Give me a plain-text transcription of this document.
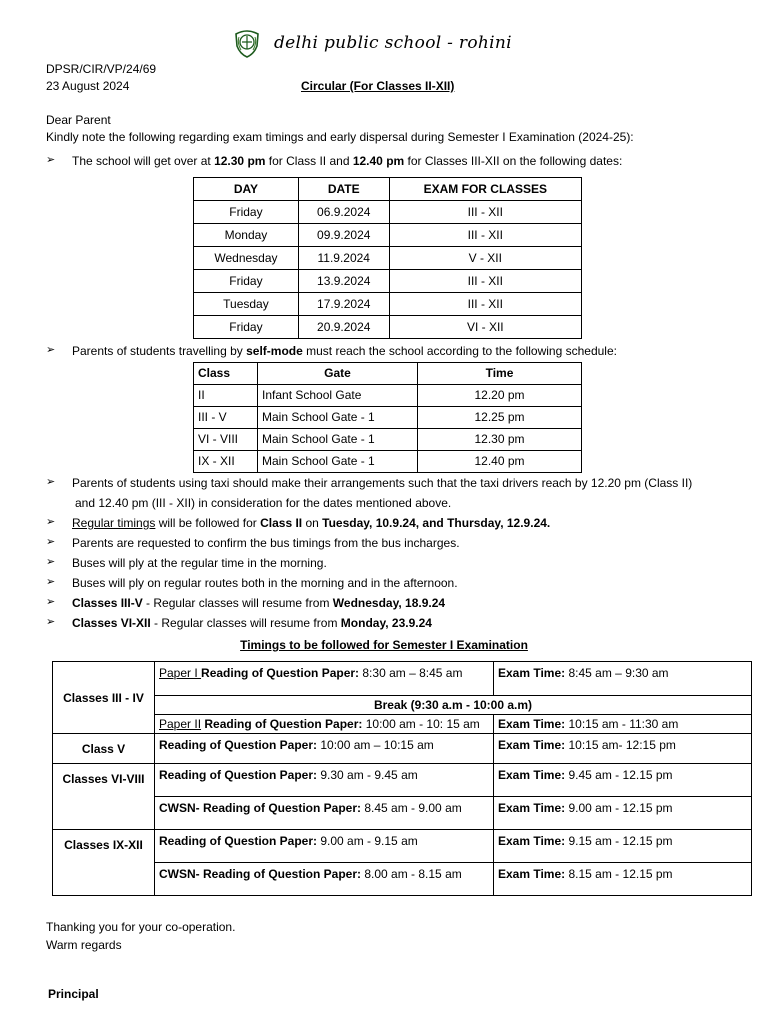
delhi public school - rohini
DPSR/CIR/VP/24/69
23 August 2024	Circular (For Classes II-XII)
Dear Parent
Kindly note the following regarding exam timings and early dispersal during Semester I Examination (2024-25):
➢	The school will get over at 12.30 pm for Class II and 12.40 pm for Classes III-XII on the following dates:
DAY	DATE	EXAM FOR CLASSES
Friday	06.9.2024	III - XII
Monday	09.9.2024	III - XII
Wednesday	11.9.2024	V - XII
Friday	13.9.2024	III - XII
Tuesday	17.9.2024	III - XII
Friday	20.9.2024	VI - XII
➢	Parents of students travelling by self-mode must reach the school according to the following schedule:
Class	Gate	Time
II	Infant School Gate	12.20 pm
III - V	Main School Gate - 1	12.25 pm
VI - VIII	Main School Gate - 1	12.30 pm
IX - XII	Main School Gate - 1	12.40 pm
➢	Parents of students using taxi should make their arrangements such that the taxi drivers reach by 12.20 pm (Class II)
and 12.40 pm (III - XII) in consideration for the dates mentioned above.
➢	Regular timings will be followed for Class II on Tuesday, 10.9.24, and Thursday, 12.9.24.
➢	Parents are requested to confirm the bus timings from the bus incharges.
➢	Buses will ply at the regular time in the morning.
➢	Buses will ply on regular routes both in the morning and in the afternoon.
➢	Classes III-V - Regular classes will resume from Wednesday, 18.9.24
➢	Classes VI-XII - Regular classes will resume from Monday, 23.9.24
Timings to be followed for Semester I Examination
Classes III - IV	Paper I Reading of Question Paper: 8:30 am – 8:45 am	Exam Time: 8:45 am – 9:30 am
	Break (9:30 a.m - 10:00 a.m)	
	Paper II Reading of Question Paper: 10:00 am - 10: 15 am	Exam Time: 10:15 am - 11:30 am
Class V	Reading of Question Paper: 10:00 am – 10:15 am	Exam Time: 10:15 am- 12:15 pm
Classes VI-VIII	Reading of Question Paper: 9.30 am - 9.45 am	Exam Time: 9.45 am - 12.15 pm
	CWSN- Reading of Question Paper: 8.45 am - 9.00 am	Exam Time: 9.00 am - 12.15 pm
Classes IX-XII	Reading of Question Paper: 9.00 am - 9.15 am	Exam Time: 9.15 am - 12.15 pm
	CWSN- Reading of Question Paper: 8.00 am - 8.15 am	Exam Time: 8.15 am - 12.15 pm
Thanking you for your co-operation.
Warm regards
Principal
